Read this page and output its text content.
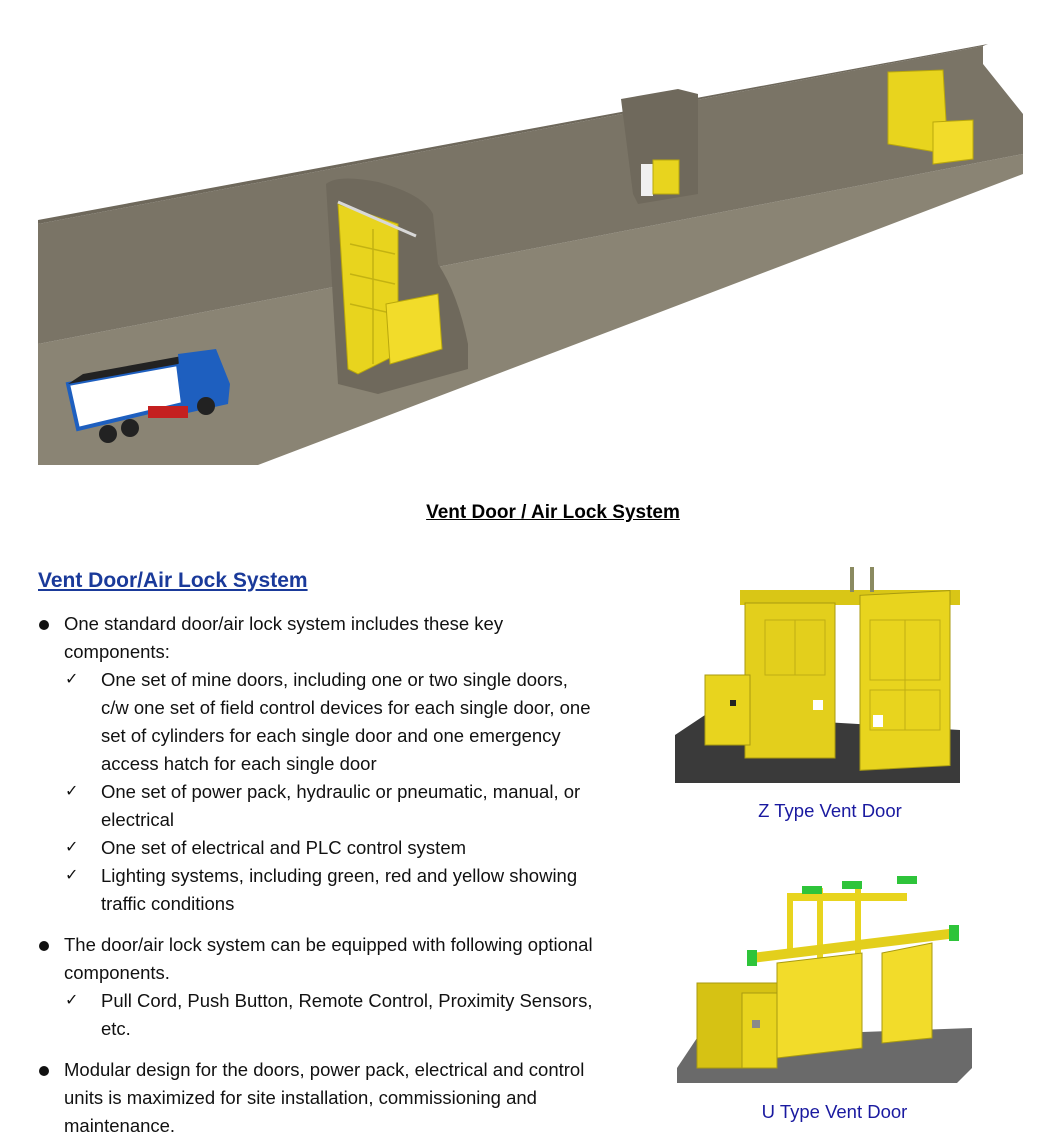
Vent Door / Air Lock System
Vent Door/Air Lock System
One standard door/air lock system includes these key components:
✓ One set of mine doors, including one or two single doors, c/w one set of field control devices for each single door, one set of cylinders for each single door and one emergency access hatch for each single door
✓ One set of power pack, hydraulic or pneumatic, manual, or electrical
✓ One set of electrical and PLC control system
✓ Lighting systems, including green, red and yellow showing traffic conditions
The door/air lock system can be equipped with following optional components.
✓ Pull Cord, Push Button, Remote Control, Proximity Sensors, etc.
Modular design for the doors, power pack, electrical and control units is maximized for site installation, commissioning and maintenance.
Z Type Vent Door
U Type Vent Door
